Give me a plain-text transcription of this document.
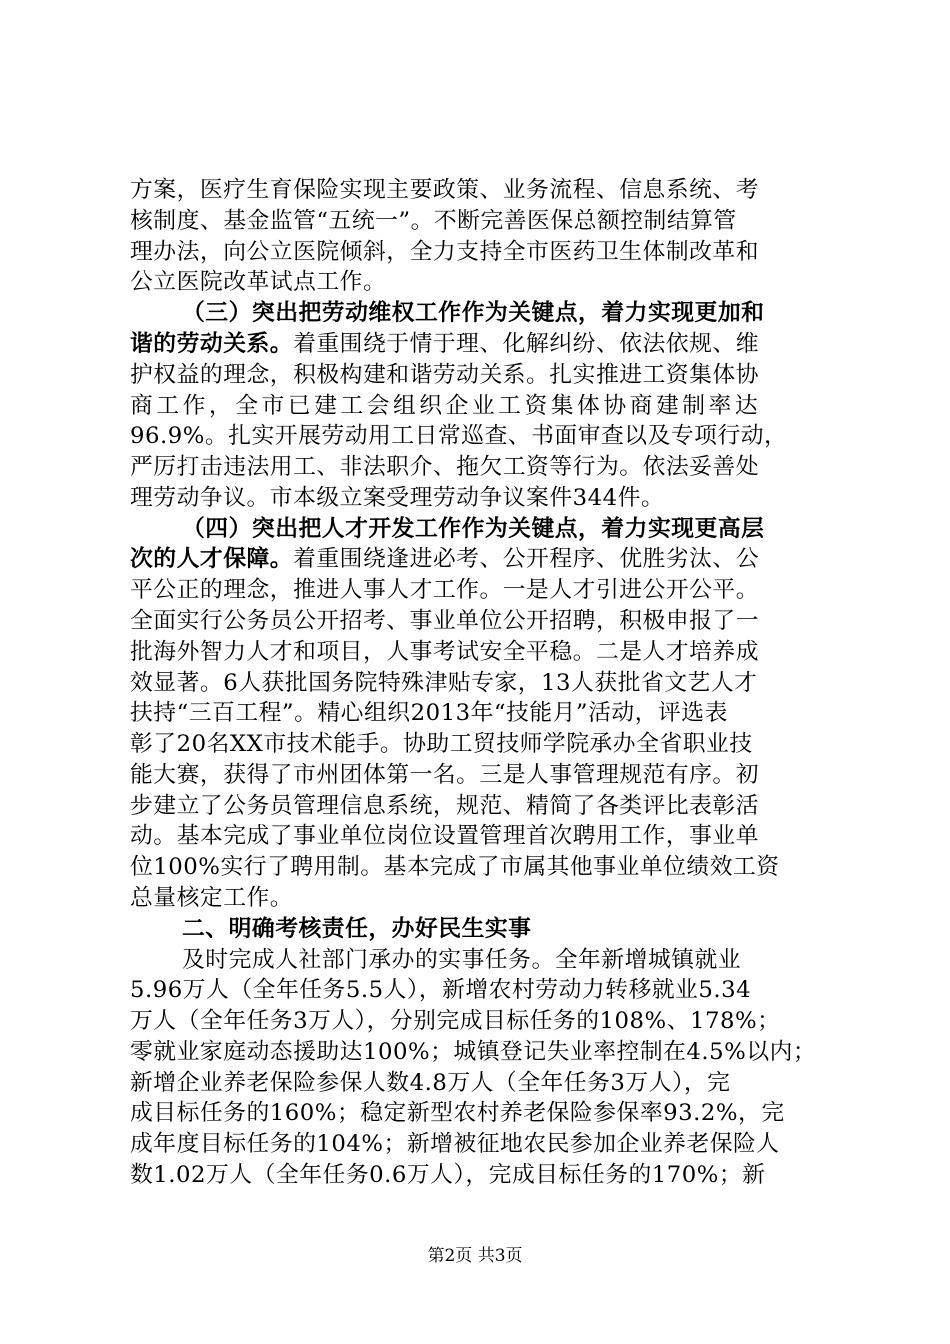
方案，医疗生育保险实现主要政策、业务流程、信息系统、考
核制度、基金监管“五统一”。不断完善医保总额控制结算管
理办法，向公立医院倾斜，全力支持全市医药卫生体制改革和
公立医院改革试点工作。
（三）突出把劳动维权工作作为关键点，着力实现更加和
谐的劳动关系。着重围绕于情于理、化解纠纷、依法依规、维
护权益的理念，积极构建和谐劳动关系。扎实推进工资集体协
商工作，全市已建工会组织企业工资集体协商建制率达
96.9%。扎实开展劳动用工日常巡查、书面审查以及专项行动，
严厉打击违法用工、非法职介、拖欠工资等行为。依法妥善处
理劳动争议。市本级立案受理劳动争议案件344件。
（四）突出把人才开发工作作为关键点，着力实现更高层
次的人才保障。着重围绕逢进必考、公开程序、优胜劣汰、公
平公正的理念，推进人事人才工作。一是人才引进公开公平。
全面实行公务员公开招考、事业单位公开招聘，积极申报了一
批海外智力人才和项目，人事考试安全平稳。二是人才培养成
效显著。6人获批国务院特殊津贴专家，13人获批省文艺人才
扶持“三百工程”。精心组织2013年“技能月”活动，评选表
彰了20名XX市技术能手。协助工贸技师学院承办全省职业技
能大赛，获得了市州团体第一名。三是人事管理规范有序。初
步建立了公务员管理信息系统，规范、精简了各类评比表彰活
动。基本完成了事业单位岗位设置管理首次聘用工作，事业单
位100%实行了聘用制。基本完成了市属其他事业单位绩效工资
总量核定工作。
二、明确考核责任，办好民生实事
及时完成人社部门承办的实事任务。全年新增城镇就业
5.96万人（全年任务5.5人），新增农村劳动力转移就业5.34
万人（全年任务3万人），分别完成目标任务的108%、178%；
零就业家庭动态援助达100%；城镇登记失业率控制在4.5%以内；
新增企业养老保险参保人数4.8万人（全年任务3万人），完
成目标任务的160%；稳定新型农村养老保险参保率93.2%，完
成年度目标任务的104%；新增被征地农民参加企业养老保险人
数1.02万人（全年任务0.6万人），完成目标任务的170%；新
第2页 共3页
